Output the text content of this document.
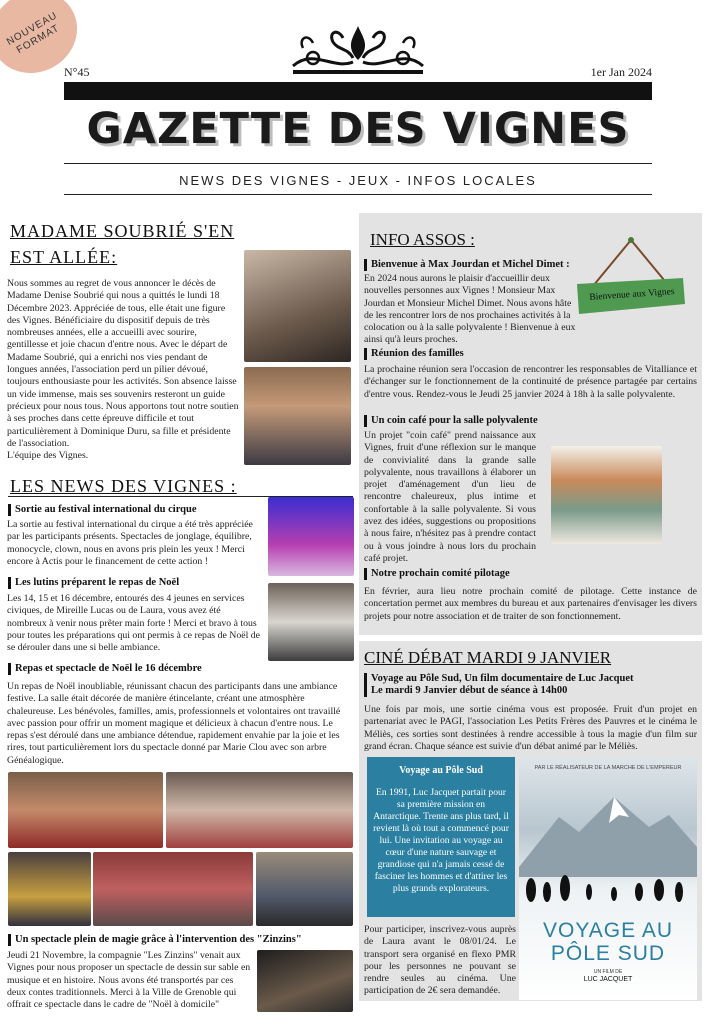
NOUVEAU FORMAT
N°45	1er Jan 2024
GAZETTE DES VIGNES
NEWS DES VIGNES - JEUX - INFOS LOCALES
MADAME SOUBRIÉ S'EN EST ALLÉE:
Nous sommes au regret de vous annoncer le décès de Madame Denise Soubrié qui nous a quittés le lundi 18 Décembre 2023. Appréciée de tous, elle était une figure des Vignes. Bénéficiaire du dispositif depuis de très nombreuses années, elle a accueilli avec sourire, gentillesse et joie chacun d'entre nous. Avec le départ de Madame Soubrié, qui a enrichi nos vies pendant de longues années, l'association perd un pilier dévoué, toujours enthousiaste pour les activités. Son absence laisse un vide immense, mais ses souvenirs resteront un guide précieux pour nous tous. Nous apportons tout notre soutien à ses proches dans cette épreuve difficile et tout particulièrement à Dominique Duru, sa fille et présidente de l'association.
L'équipe des Vignes.
LES NEWS DES VIGNES :
Sortie au festival international du cirque
La sortie au festival international du cirque a été très appréciée par les participants présents. Spectacles de jonglage, équilibre, monocycle, clown, nous en avons pris plein les yeux ! Merci encore à Actis pour le financement de cette action !
Les lutins préparent le repas de Noël
Les 14, 15 et 16 décembre, entourés des 4 jeunes en services civiques, de Mireille Lucas ou de Laura, vous avez été nombreux à venir nous prêter main forte ! Merci et bravo à tous pour toutes les préparations qui ont permis à ce repas de Noël de se dérouler dans une si belle ambiance.
Repas et spectacle de Noël le 16 décembre
Un repas de Noël inoubliable, réunissant chacun des participants dans une ambiance festive. La salle était décorée de manière étincelante, créant une atmosphère chaleureuse. Les bénévoles, familles, amis, professionnels et volontaires ont travaillé avec passion pour offrir un moment magique et délicieux à chacun d'entre nous. Le repas s'est déroulé dans une ambiance détendue, rapidement envahie par la joie et les rires, tout particulièrement lors du spectacle donné par Marie Clou avec son arbre Généalogique.
Un spectacle plein de magie grâce à l'intervention des "Zinzins"
Jeudi 21 Novembre, la compagnie "Les Zinzins" venait aux Vignes pour nous proposer un spectacle de dessin sur sable en musique et en histoire. Nous avons été transportés par ces deux contes traditionnels. Merci à la Ville de Grenoble qui offrait ce spectacle dans le cadre de "Noël à domicile"
INFO ASSOS :
Bienvenue aux Vignes
Bienvenue à Max Jourdan et Michel Dimet :
En 2024 nous aurons le plaisir d'accueillir deux nouvelles personnes aux Vignes ! Monsieur Max Jourdan et Monsieur Michel Dimet. Nous avons hâte de les rencontrer lors de nos prochaines activités à la colocation ou à la salle polyvalente ! Bienvenue à eux ainsi qu'à leurs proches.
Réunion des familles
La prochaine réunion sera l'occasion de rencontrer les responsables de Vitalliance et d'échanger sur le fonctionnement de la continuité de présence partagée par certains d'entre vous. Rendez-vous le Jeudi 25 janvier 2024 à 18h à la salle polyvalente.
Un coin café pour la salle polyvalente
Un projet "coin café" prend naissance aux Vignes, fruit d'une réflexion sur le manque de convivialité dans la grande salle polyvalente, nous travaillons à élaborer un projet d'aménagement d'un lieu de rencontre chaleureux, plus intime et confortable à la salle polyvalente. Si vous avez des idées, suggestions ou propositions à nous faire, n'hésitez pas à prendre contact ou à vous joindre à nous lors du prochain café projet.
Notre prochain comité pilotage
En février, aura lieu notre prochain comité de pilotage. Cette instance de concertation permet aux membres du bureau et aux partenaires d'envisager les divers projets pour notre association et de traiter de son fonctionnement.
CINÉ DÉBAT MARDI 9 JANVIER
Voyage au Pôle Sud, Un film documentaire de Luc Jacquet
Le mardi 9 Janvier début de séance à 14h00
Une fois par mois, une sortie cinéma vous est proposée. Fruit d'un projet en partenariat avec le PAGI, l'association Les Petits Frères des Pauvres et le cinéma le Méliès, ces sorties sont destinées à rendre accessible à tous la magie d'un film sur grand écran. Chaque séance est suivie d'un débat animé par le Méliès.
Voyage au Pôle Sud
En 1991, Luc Jacquet partait pour sa première mission en Antarctique. Trente ans plus tard, il revient là où tout a commencé pour lui. Une invitation au voyage au cœur d'une nature sauvage et grandiose qui n'a jamais cessé de fasciner les hommes et d'attirer les plus grands explorateurs.
Pour participer, inscrivez-vous auprès de Laura avant le 08/01/24. Le transport sera organisé en flexo PMR pour les personnes ne pouvant se rendre seules au cinéma. Une participation de 2€ sera demandée.
PAR LE RÉALISATEUR DE LA MARCHE DE L'EMPEREUR
VOYAGE AU PÔLE SUD
UN FILM DE
LUC JACQUET
